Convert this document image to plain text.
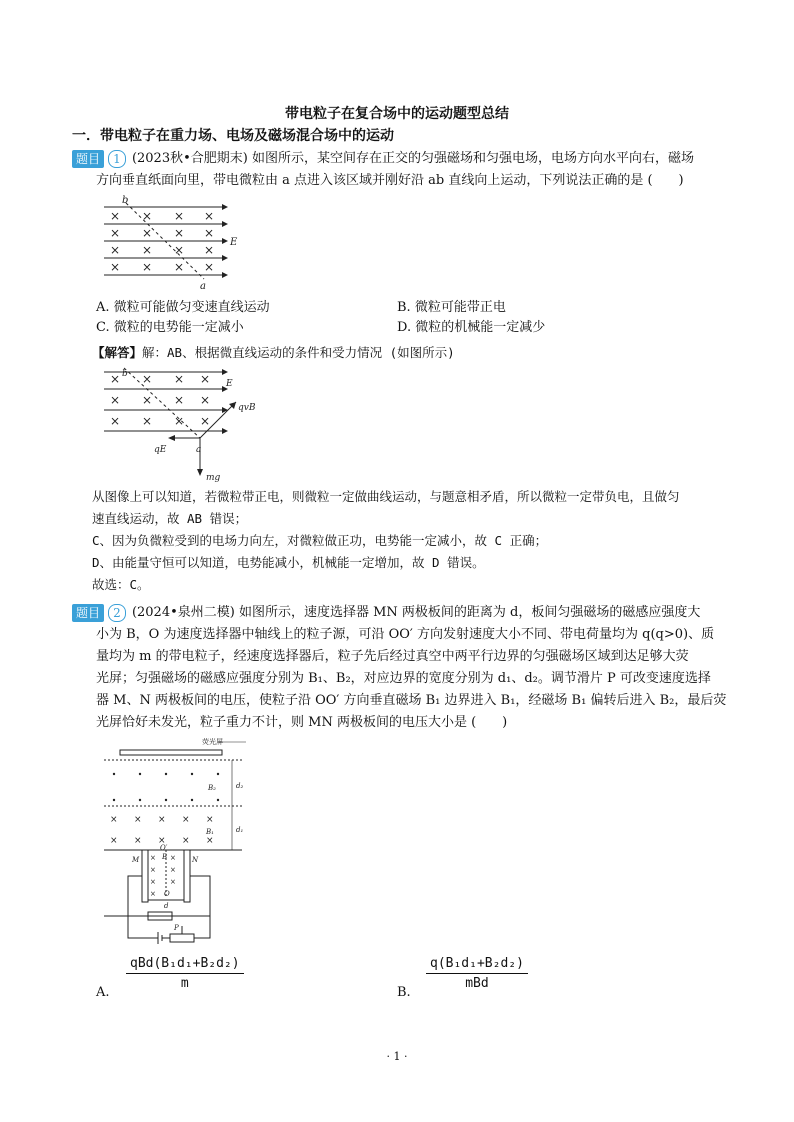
带电粒子在复合场中的运动题型总结
一．带电粒子在重力场、电场及磁场混合场中的运动
题目 1 (2023秋•合肥期末) 如图所示，某空间存在正交的匀强磁场和匀强电场，电场方向水平向右，磁场
方向垂直纸面向里，带电微粒由 a 点进入该区域并刚好沿 ab 直线向上运动，下列说法正确的是 (　　)
× × × ×
× × × ×
× × × ×
× × × ×
b
a
E
A. 微粒可能做匀变速直线运动	B. 微粒可能带正电
C. 微粒的电势能一定减小	D. 微粒的机械能一定减少
【解答】解：AB、根据微直线运动的条件和受力情况 (如图所示)
× × × ×
× × × ×
× × × ×
b
a
E
qvB
qE
mg
从图像上可以知道，若微粒带正电，则微粒一定做曲线运动，与题意相矛盾，所以微粒一定带负电，且做匀
速直线运动，故 AB 错误；
C、因为负微粒受到的电场力向左，对微粒做正功，电势能一定减小，故 C 正确；
D、由能量守恒可以知道，电势能减小，机械能一定增加，故 D 错误。
故选：C。
题目 2 (2024•泉州二模) 如图所示，速度选择器 MN 两极板间的距离为 d，板间匀强磁场的磁感应强度大
小为 B，O 为速度选择器中轴线上的粒子源，可沿 OO′ 方向发射速度大小不同、带电荷量均为 q(q>0)、质
量均为 m 的带电粒子，经速度选择器后，粒子先后经过真空中两平行边界的匀强磁场区域到达足够大荧
光屏；匀强磁场的磁感应强度分别为 B₁、B₂，对应边界的宽度分别为 d₁、d₂。调节滑片 P 可改变速度选择
器 M、N 两极板间的电压，使粒子沿 OO′ 方向垂直磁场 B₁ 边界进入 B₁，经磁场 B₁ 偏转后进入 B₂，最后荧
光屏恰好未发光，粒子重力不计，则 MN 两极板间的电压大小是 (　　)
荧光屏
× × × × ×
× × × × ×
B₂
B₁
d₂
d₁
× ×
× ×
× ×
×
O′
O
M	N
B
d
P
A.
$\frac{\text{qBd(B₁d₁+B₂d₂)}}{m}$
B.
$\frac{\text{q(B₁d₁+B₂d₂)}}{\text{mBd}}$
· 1 ·
